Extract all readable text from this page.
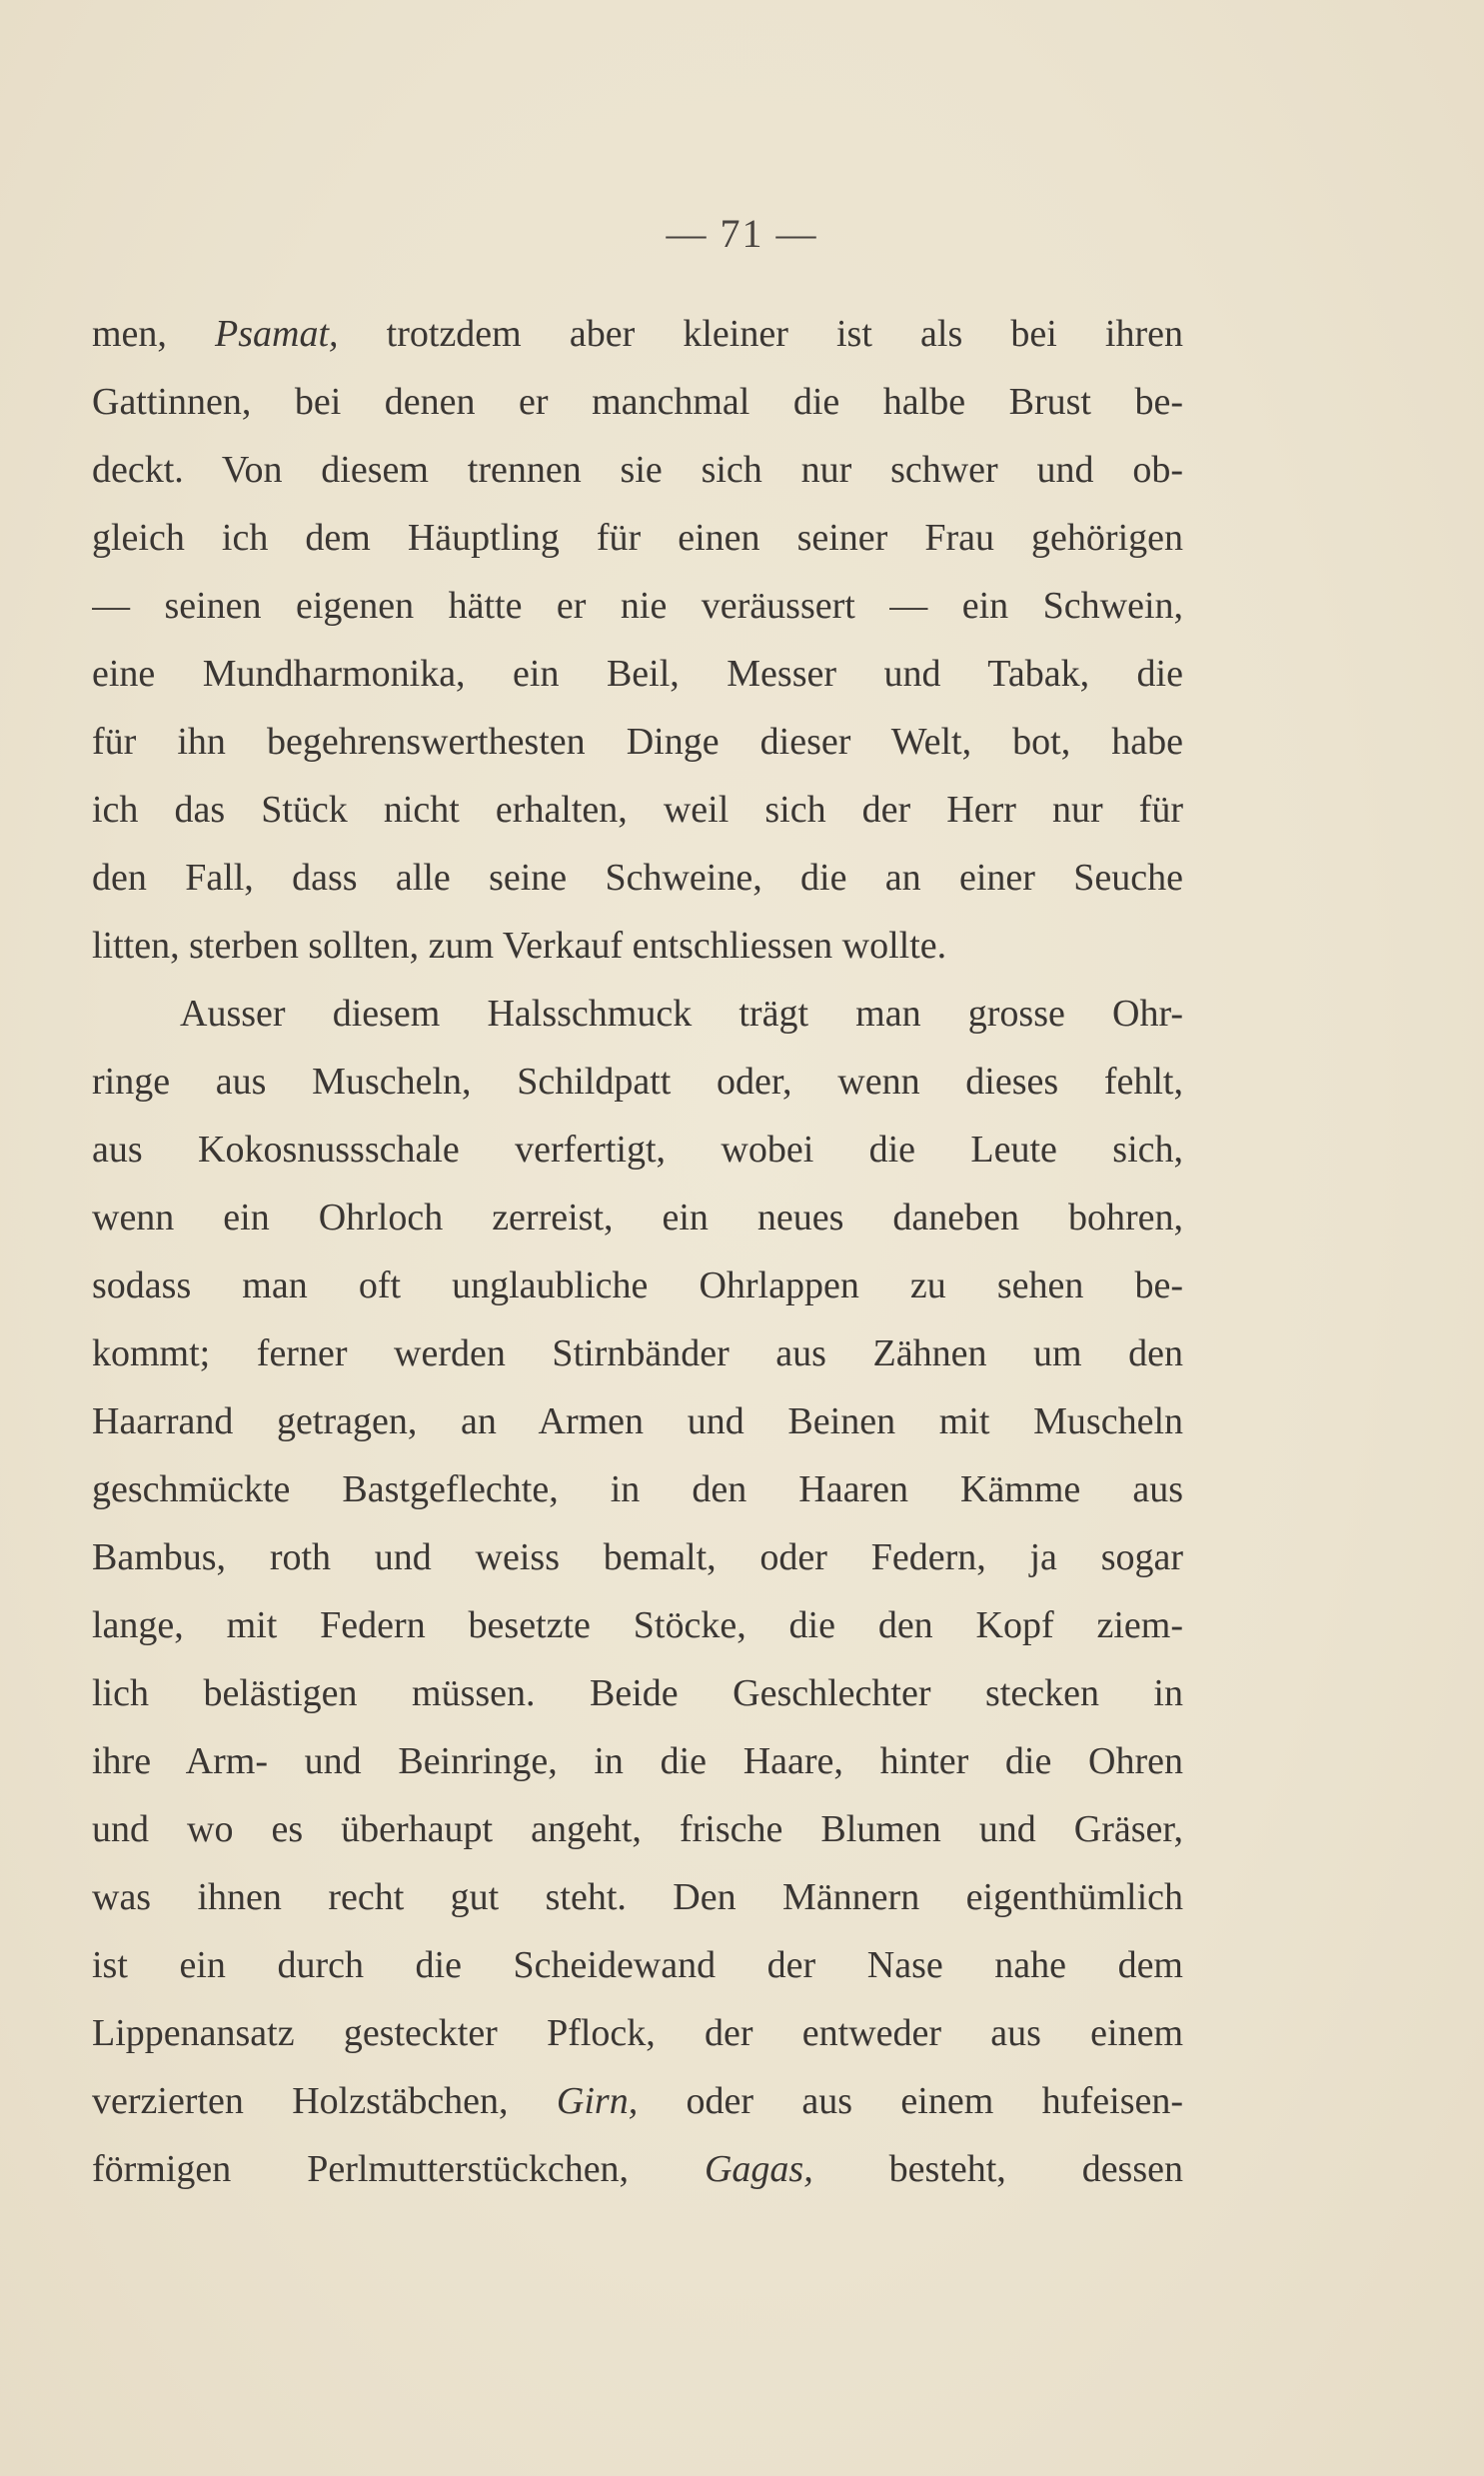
— 71 —
men, Psamat, trotzdem aber kleiner ist als bei ihren
Gattinnen, bei denen er manchmal die halbe Brust be-
deckt. Von diesem trennen sie sich nur schwer und ob-
gleich ich dem Häuptling für einen seiner Frau gehörigen
— seinen eigenen hätte er nie veräussert — ein Schwein,
eine Mundharmonika, ein Beil, Messer und Tabak, die
für ihn begehrenswerthesten Dinge dieser Welt, bot, habe
ich das Stück nicht erhalten, weil sich der Herr nur für
den Fall, dass alle seine Schweine, die an einer Seuche
litten, sterben sollten, zum Verkauf entschliessen wollte.
Ausser diesem Halsschmuck trägt man grosse Ohr-
ringe aus Muscheln, Schildpatt oder, wenn dieses fehlt,
aus Kokosnussschale verfertigt, wobei die Leute sich,
wenn ein Ohrloch zerreist, ein neues daneben bohren,
sodass man oft unglaubliche Ohrlappen zu sehen be-
kommt; ferner werden Stirnbänder aus Zähnen um den
Haarrand getragen, an Armen und Beinen mit Muscheln
geschmückte Bastgeflechte, in den Haaren Kämme aus
Bambus, roth und weiss bemalt, oder Federn, ja sogar
lange, mit Federn besetzte Stöcke, die den Kopf ziem-
lich belästigen müssen. Beide Geschlechter stecken in
ihre Arm- und Beinringe, in die Haare, hinter die Ohren
und wo es überhaupt angeht, frische Blumen und Gräser,
was ihnen recht gut steht. Den Männern eigenthümlich
ist ein durch die Scheidewand der Nase nahe dem
Lippenansatz gesteckter Pflock, der entweder aus einem
verzierten Holzstäbchen, Girn, oder aus einem hufeisen-
förmigen Perlmutterstückchen, Gagas, besteht, dessen
